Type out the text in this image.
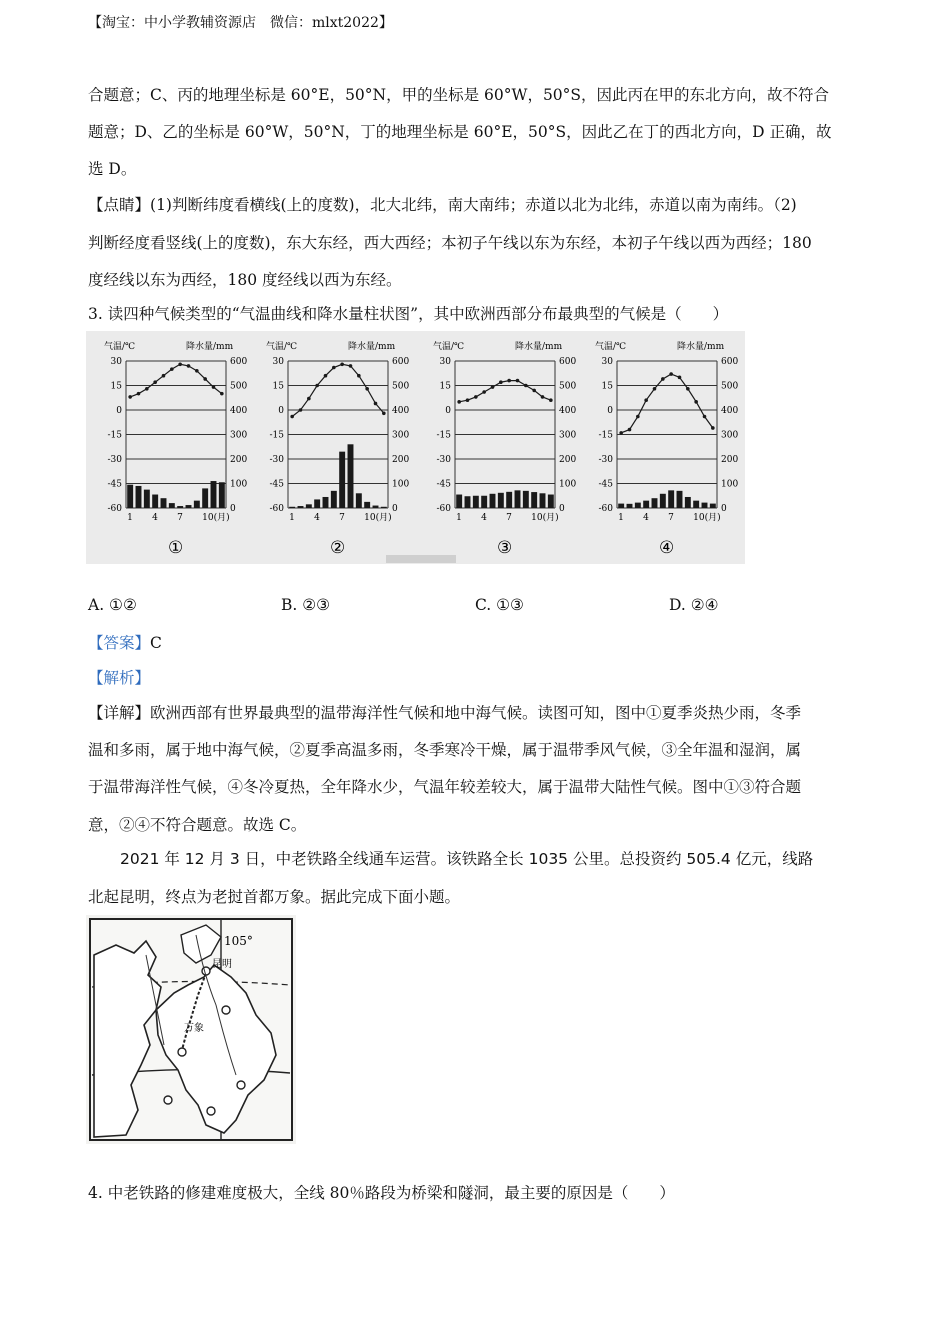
【淘宝：中小学教辅资源店　微信：mlxt2022】
合题意；C、丙的地理坐标是 60°E，50°N，甲的坐标是 60°W，50°S，因此丙在甲的东北方向，故不符合
题意；D、乙的坐标是 60°W，50°N，丁的地理坐标是 60°E，50°S，因此乙在丁的西北方向，D 正确，故
选 D。
【点睛】(1)判断纬度看横线(上的度数)，北大北纬，南大南纬；赤道以北为北纬，赤道以南为南纬。（2)
判断经度看竖线(上的度数)，东大东经，西大西经；本初子午线以东为东经，本初子午线以西为西经；180
度经线以东为西经，180 度经线以西为东经。
3. 读四种气候类型的“气温曲线和降水量柱状图”，其中欧洲西部分布最典型的气候是（　　）
气温/℃	降水量/mm
30	600
15	500
0	400
-15	300
-30	200
-45	100
-60	0
1 4 7 10(月)
①
气温/℃	降水量/mm
30	600
15	500
0	400
-15	300
-30	200
-45	100
-60	0
1 4 7 10(月)
②
气温/℃	降水量/mm
30	600
15	500
0	400
-15	300
-30	200
-45	100
-60	0
1 4 7 10(月)
③
气温/℃	降水量/mm
30	600
15	500
0	400
-15	300
-30	200
-45	100
-60	0
1 4 7 10(月)
④
A. ①②	B. ②③	C. ①③	D. ②④
【答案】C
【解析】
【详解】欧洲西部有世界最典型的温带海洋性气候和地中海气候。读图可知，图中①夏季炎热少雨，冬季
温和多雨，属于地中海气候，②夏季高温多雨，冬季寒冷干燥，属于温带季风气候，③全年温和湿润，属
于温带海洋性气候，④冬冷夏热，全年降水少，气温年较差较大，属于温带大陆性气候。图中①③符合题
意，②④不符合题意。故选 C。
2021 年 12 月 3 日，中老铁路全线通车运营。该铁路全长 1035 公里。总投资约 505.4 亿元，线路
北起昆明，终点为老挝首都万象。据此完成下面小题。
105°
昆明
万象
4. 中老铁路的修建难度极大，全线 80％路段为桥梁和隧洞，最主要的原因是（　　）
